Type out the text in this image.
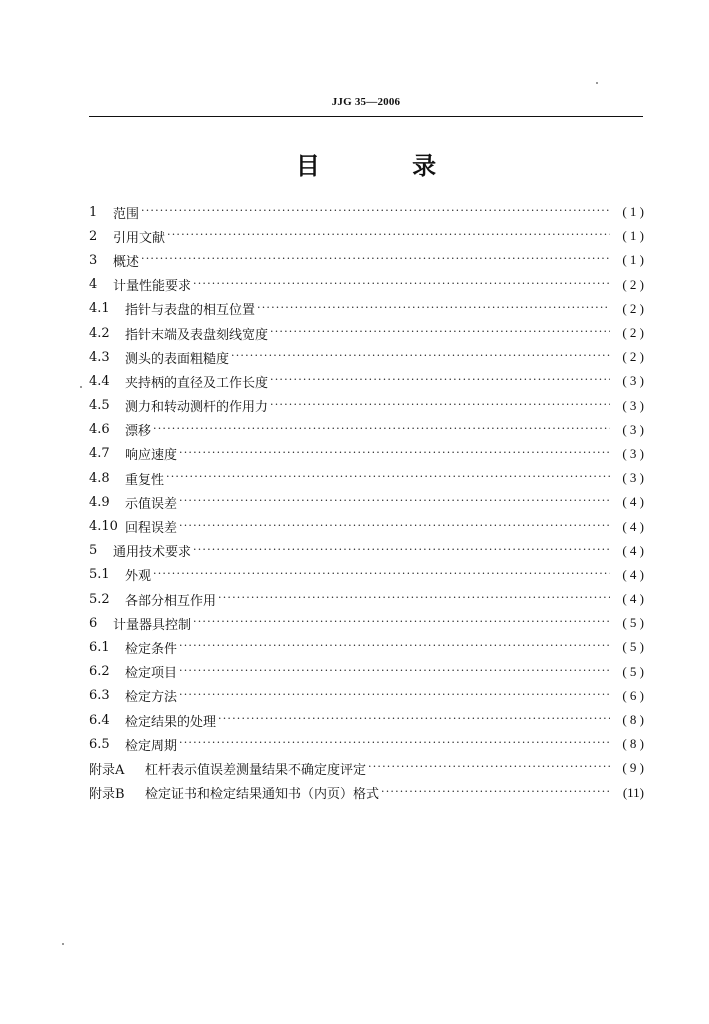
JJG 35—2006
目 录
1	范围 ·····	( 1 )
2	引用文献 ·····	( 1 )
3	概述 ·····	( 1 )
4	计量性能要求 ·····	( 2 )
4.1	指针与表盘的相互位置 ·····	( 2 )
4.2	指针末端及表盘刻线宽度 ·····	( 2 )
4.3	测头的表面粗糙度 ·····	( 2 )
4.4	夹持柄的直径及工作长度 ·····	( 3 )
4.5	测力和转动测杆的作用力 ·····	( 3 )
4.6	漂移 ·····	( 3 )
4.7	响应速度 ·····	( 3 )
4.8	重复性 ·····	( 3 )
4.9	示值误差 ·····	( 4 )
4.10 回程误差 ·····	( 4 )
5	通用技术要求 ·····	( 4 )
5.1	外观 ·····	( 4 )
5.2	各部分相互作用 ·····	( 4 )
6	计量器具控制 ·····	( 5 )
6.1	检定条件 ·····	( 5 )
6.2	检定项目 ·····	( 5 )
6.3	检定方法 ·····	( 6 )
6.4	检定结果的处理 ·····	( 8 )
6.5	检定周期 ·····	( 8 )
附录A	杠杆表示值误差测量结果不确定度评定 ·····	( 9 )
附录B	检定证书和检定结果通知书（内页）格式 ·····	(11)
